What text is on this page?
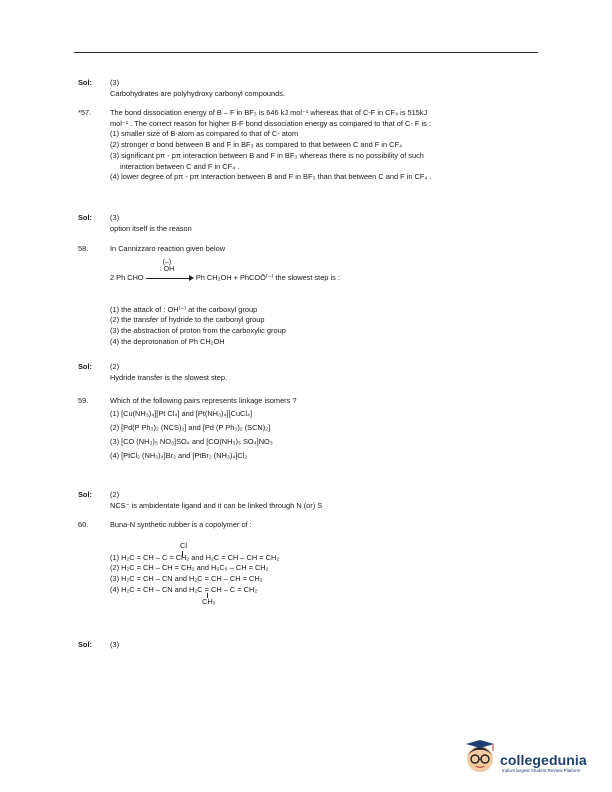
Sol: (3)
Carbohydrates are polyhydroxy carbonyl compounds.
*57.	The bond dissociation energy of B – F in BF₃ is 646 kJ mol⁻¹ whereas that of C-F in CF₄ is 515kJ
mol⁻¹ . The correct reason for higher B-F bond dissociation energy as compared to that of C- F is :
(1) smaller size of B-atom as compared to that of C- atom
(2) stronger σ bond between B and F in BF₃ as compared to that between C and F in CF₄
(3) significant pπ - pπ interaction between B and F in BF₃ whereas there is no possibility of such
interaction between C and F in CF₄ .
(4) lower degree of pπ - pπ interaction between B and F in BF₃ than that between C and F in CF₄ .
Sol: (3)
option itself is the reason
58.	In Cannizzaro reaction given below
2 Ph CHO
(–)
: OH
Ph CH₂OH + PhCOŌ⁽⁻⁾ the slowest step is :
(1) the attack of : OH⁽⁻⁾ at the carboxyl group
(2) the transfer of hydride to the carbonyl group
(3) the abstraction of proton from the carboxylic group
(4) the deprotonation of Ph CH₂OH
Sol: (2)
Hydride transfer is the slowest step.
59.	Which of the following pairs represents linkage isomers ?
(1) [Cu(NH₃)₄][Pt Cl₄] and [Pt(NH₃)₄][CuCl₄]
(2) [Pd(P Ph₃)₂ (NCS)₂] and [Pd (P Ph₃)₂ (SCN)₂]
(3) [CO (NH₃)₅ NO₃]SO₄ and [CO(NH₃)₅ SO₄]NO₃
(4) [PtCl₂ (NH₃)₄]Br₂ and [PtBr₂ (NH₃)₄]Cl₂
Sol: (2)
NCS⁻ is ambidentate ligand and it can be linked through N (or) S
60.	Buna-N synthetic rubber is a copolymer of :
Cl
(1) H₂C = CH – C = CH₂ and H₂C = CH – CH = CH₂
(2) H₂C = CH – CH = CH₂ and H₅C₆ – CH = CH₂
(3) H₂C = CH – CN and H₂C = CH – CH = CH₂
(4) H₂C = CH – CN and H₂C = CH – C = CH₂
CH₃
Sol: (3)
collegedunia
India's largest Student Review Platform
